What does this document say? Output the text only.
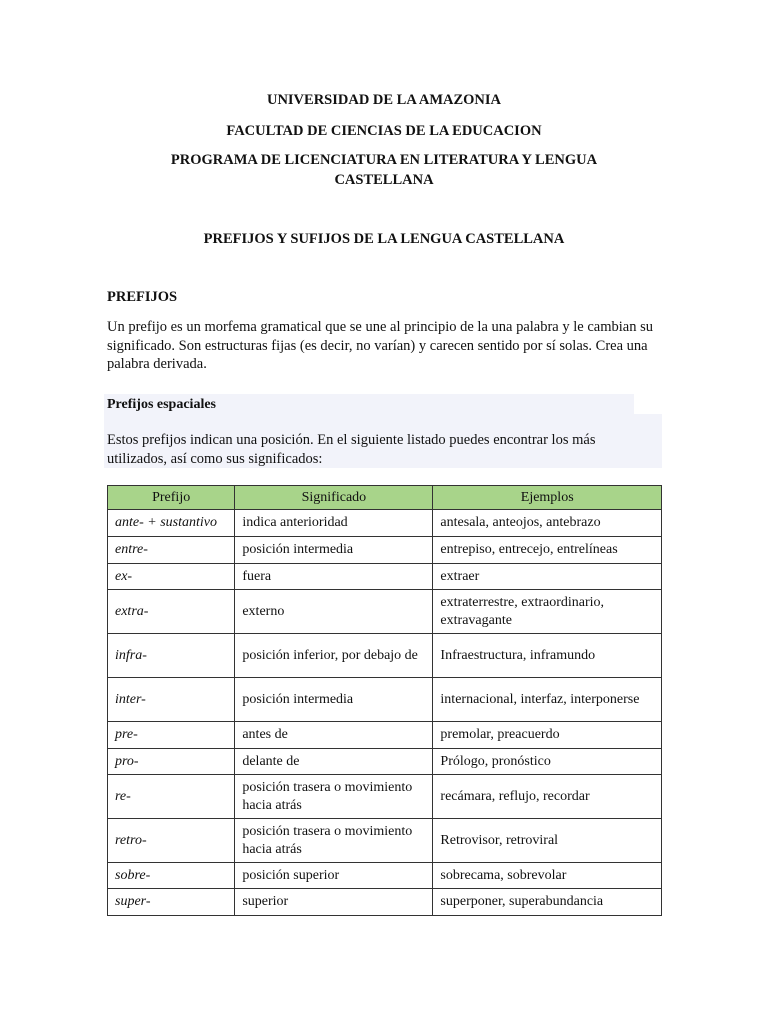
UNIVERSIDAD DE LA AMAZONIA
FACULTAD DE CIENCIAS DE LA EDUCACION
PROGRAMA DE LICENCIATURA EN LITERATURA Y LENGUA CASTELLANA
PREFIJOS Y SUFIJOS DE LA LENGUA CASTELLANA
PREFIJOS
Un prefijo es un morfema gramatical que se une al principio de la una palabra y le cambian su significado. Son estructuras fijas (es decir, no varían) y carecen sentido por sí solas. Crea una palabra derivada.
Prefijos espaciales
Estos prefijos indican una posición. En el siguiente listado puedes encontrar los más utilizados, así como sus significados:
Prefijo	Significado	Ejemplos
ante- + sustantivo	indica anterioridad	antesala, anteojos, antebrazo
entre-	posición intermedia	entrepiso, entrecejo, entrelíneas
ex-	fuera	extraer
extra-	externo	extraterrestre, extraordinario, extravagante
infra-	posición inferior, por debajo de	Infraestructura, inframundo
inter-	posición intermedia	internacional, interfaz, interponerse
pre-	antes de	premolar, preacuerdo
pro-	delante de	Prólogo, pronóstico
re-	posición trasera o movimiento hacia atrás	recámara, reflujo, recordar
retro-	posición trasera o movimiento hacia atrás	Retrovisor, retroviral
sobre-	posición superior	sobrecama, sobrevolar
super-	superior	superponer, superabundancia
